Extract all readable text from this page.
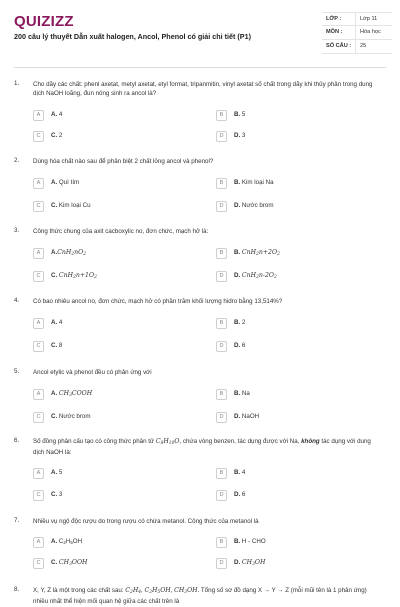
QUIZIZZ
200 câu lý thuyết Dẫn xuất halogen, Ancol, Phenol có giải chi tiết (P1)
LỚP :	Lớp 11
MÔN :	Hóa học
SỐ CÂU : 25
1. Cho dãy các chất: phenl axetat, metyl axetat, etyl format, tripanmitin, vinyl axetat số chất trong dãy khi thủy phân trong dung dịch NaOH loãng, đun nóng sinh ra ancol là?
A	A. 4	B	B. 5
C	C. 2	D	D. 3
2. Dùng hóa chất nào sau để phân biệt 2 chất lỏng ancol và phenol?
A	A. Quì tím	B	B. Kim loại Na
C	C. Kim loại Cu	D	D. Nước brom
3. Công thức chung của axit cacboxylic no, đơn chức, mạch hở là:
A	$A.CnH_2nO_2$	B	B. $CnH_2n+2O_2$
C	C. $CnH_2n+1O_2$	D	D. $CnH_2n-2O_2$
4. Có bao nhiêu ancol no, đơn chức, mạch hở có phần trăm khối lượng hidro bằng 13,514%?
A	A. 4	B	B. 2
C	C. 8	D	D. 6
5. Ancol etylic và phenol đều có phản ứng với
A	A. $CH_3COOH$	B	B. Na
C	C. Nước brom	D	D. NaOH
6. Số đồng phân cấu tạo có công thức phân tử $C_8H_{10}O$, chứa vòng benzen, tác dụng được với Na, không tác dụng với dung dịch NaOH là:
A	A. 5	B	B. 4
C	C. 3	D	D. 6
7. Nhiều vụ ngộ độc rượu do trong rượu có chứa metanol. Công thức của metanol là
A	A. $C_2H_5OH$	B	B. H - CHO
C	C. $CH_3OOH$	D	D. $CH_3OH$
8. X, Y, Z là một trong các chất sau: $C_2H_4$, $C_2H_5OH$, $CH_3OH$. Tổng số sơ đồ dạng X → Y → Z (mỗi mũi tên là 1 phản ứng) nhiều nhất thể hiện mối quan hệ giữa các chất trên là
